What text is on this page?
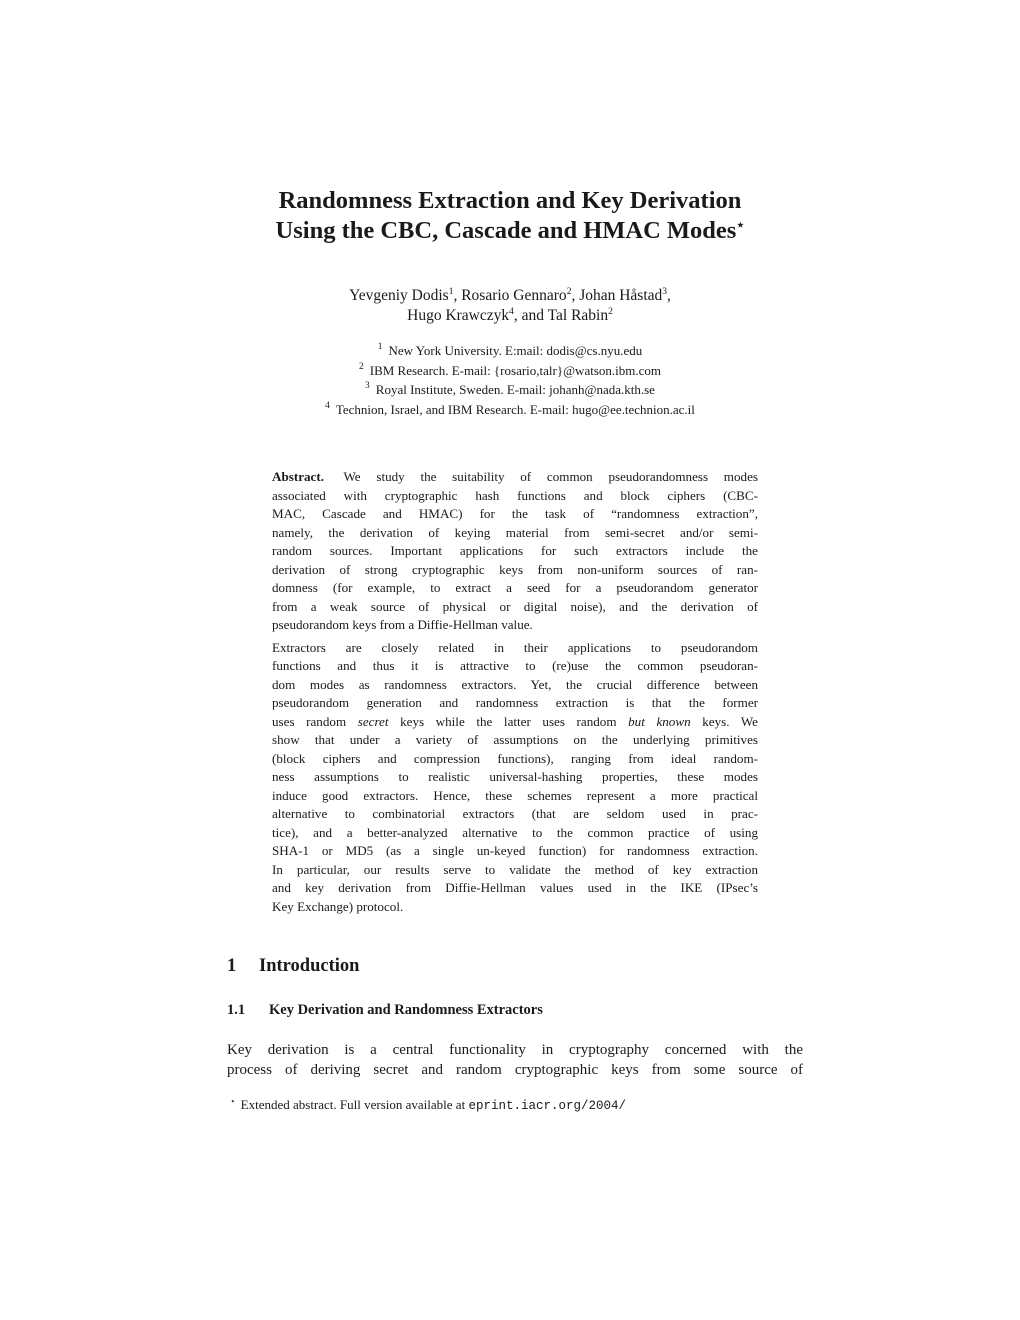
Randomness Extraction and Key Derivation
Using the CBC, Cascade and HMAC Modes⋆
Yevgeniy Dodis$^1$, Rosario Gennaro$^2$, Johan Håstad$^3$,
Hugo Krawczyk$^4$, and Tal Rabin$^2$
$^1$ New York University. E:mail: dodis@cs.nyu.edu
$^2$ IBM Research. E-mail: {rosario,talr}@watson.ibm.com
$^3$ Royal Institute, Sweden. E-mail: johanh@nada.kth.se
$^4$ Technion, Israel, and IBM Research. E-mail: hugo@ee.technion.ac.il

Abstract. We study the suitability of common pseudorandomness modes
associated with cryptographic hash functions and block ciphers (CBC-
MAC, Cascade and HMAC) for the task of “randomness extraction”,
namely, the derivation of keying material from semi-secret and/or semi-
random sources. Important applications for such extractors include the
derivation of strong cryptographic keys from non-uniform sources of ran-
domness (for example, to extract a seed for a pseudorandom generator
from a weak source of physical or digital noise), and the derivation of
pseudorandom keys from a Diffie-Hellman value.

Extractors are closely related in their applications to pseudorandom
functions and thus it is attractive to (re)use the common pseudoran-
dom modes as randomness extractors. Yet, the crucial difference between
pseudorandom generation and randomness extraction is that the former
uses random secret keys while the latter uses random but known keys. We
show that under a variety of assumptions on the underlying primitives
(block ciphers and compression functions), ranging from ideal random-
ness assumptions to realistic universal-hashing properties, these modes
induce good extractors. Hence, these schemes represent a more practical
alternative to combinatorial extractors (that are seldom used in prac-
tice), and a better-analyzed alternative to the common practice of using
SHA-1 or MD5 (as a single un-keyed function) for randomness extraction.
In particular, our results serve to validate the method of key extraction
and key derivation from Diffie-Hellman values used in the IKE (IPsec’s
Key Exchange) protocol.

1 Introduction
1.1 Key Derivation and Randomness Extractors
Key derivation is a central functionality in cryptography concerned with the
process of deriving secret and random cryptographic keys from some source of
⋆ Extended abstract. Full version available at eprint.iacr.org/2004/
